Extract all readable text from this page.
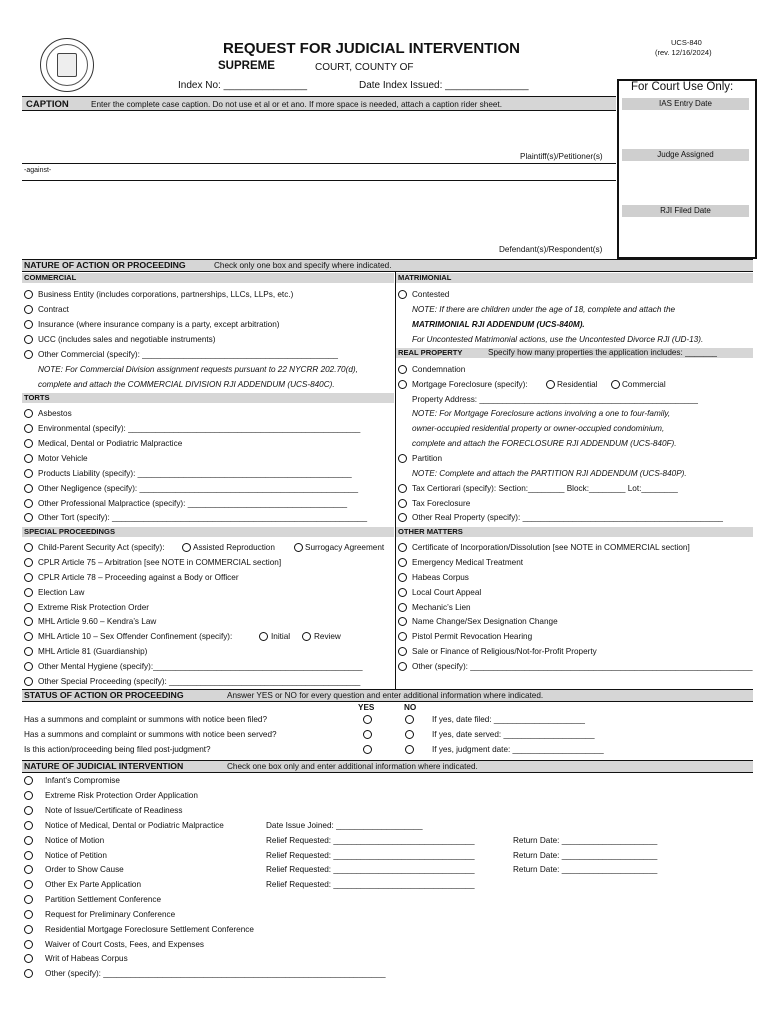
REQUEST FOR JUDICIAL INTERVENTION
SUPREME	COURT, COUNTY OF
UCS-840
(rev. 12/16/2024)
Index No: _______________	Date Index Issued: _______________	For Court Use Only:
IAS Entry Date
Judge Assigned
RJI Filed Date
CAPTION	Enter the complete case caption. Do not use et al or et ano. If more space is needed, attach a caption rider sheet.
Plaintiff(s)/Petitioner(s)
-against-
Defendant(s)/Respondent(s)
NATURE OF ACTION OR PROCEEDING	Check only one box and specify where indicated.
COMMERCIAL	MATRIMONIAL
Business Entity (includes corporations, partnerships, LLCs, LLPs, etc.)
Contract
Insurance (where insurance company is a party, except arbitration)
UCC (includes sales and negotiable instruments)
Other Commercial (specify): ___________________________________________
NOTE: For Commercial Division assignment requests pursuant to 22 NYCRR 202.70(d),
complete and attach the COMMERCIAL DIVISION RJI ADDENDUM (UCS-840C).
TORTS
Asbestos
Environmental (specify): ___________________________________________________
Medical, Dental or Podiatric Malpractice
Motor Vehicle
Products Liability (specify): _______________________________________________
Other Negligence (specify): ________________________________________________
Other Professional Malpractice (specify): ___________________________________
Other Tort (specify): ________________________________________________________
SPECIAL PROCEEDINGS
Child-Parent Security Act (specify):	Assisted Reproduction	Surrogacy Agreement
CPLR Article 75 – Arbitration [see NOTE in COMMERCIAL section]
CPLR Article 78 – Proceeding against a Body or Officer
Election Law
Extreme Risk Protection Order
MHL Article 9.60 – Kendra’s Law
MHL Article 10 – Sex Offender Confinement (specify):	Initial	Review
MHL Article 81 (Guardianship)
Other Mental Hygiene (specify):______________________________________________
Other Special Proceeding (specify): __________________________________________
Contested
NOTE: If there are children under the age of 18, complete and attach the
MATRIMONIAL RJI ADDENDUM (UCS-840M).
For Uncontested Matrimonial actions, use the Uncontested Divorce RJI (UD-13).
REAL PROPERTY	Specify how many properties the application includes: _______
Condemnation
Mortgage Foreclosure (specify):	Residential	Commercial
Property Address: ________________________________________________
NOTE: For Mortgage Foreclosure actions involving a one to four-family,
owner-occupied residential property or owner-occupied condominium,
complete and attach the FORECLOSURE RJI ADDENDUM (UCS-840F).
Partition
NOTE: Complete and attach the PARTITION RJI ADDENDUM (UCS-840P).
Tax Certiorari (specify): Section:________ Block:________ Lot:________
Tax Foreclosure
Other Real Property (specify): ____________________________________________
OTHER MATTERS
Certificate of Incorporation/Dissolution [see NOTE in COMMERCIAL section]
Emergency Medical Treatment
Habeas Corpus
Local Court Appeal
Mechanic’s Lien
Name Change/Sex Designation Change
Pistol Permit Revocation Hearing
Sale or Finance of Religious/Not-for-Profit Property
Other (specify): ______________________________________________________________
STATUS OF ACTION OR PROCEEDING	Answer YES or NO for every question and enter additional information where indicated.
YES	NO
Has a summons and complaint or summons with notice been filed?	If yes, date filed: ____________________
Has a summons and complaint or summons with notice been served?	If yes, date served: ____________________
Is this action/proceeding being filed post-judgment?	If yes, judgment date: ____________________
NATURE OF JUDICIAL INTERVENTION	Check one box only and enter additional information where indicated.
Infant’s Compromise
Extreme Risk Protection Order Application
Note of Issue/Certificate of Readiness
Notice of Medical, Dental or Podiatric Malpractice	Date Issue Joined: ___________________
Notice of Motion	Relief Requested: _______________________________	Return Date: _____________________
Notice of Petition	Relief Requested: _______________________________	Return Date: _____________________
Order to Show Cause	Relief Requested: _______________________________	Return Date: _____________________
Other Ex Parte Application	Relief Requested: _______________________________
Partition Settlement Conference
Request for Preliminary Conference
Residential Mortgage Foreclosure Settlement Conference
Waiver of Court Costs, Fees, and Expenses
Writ of Habeas Corpus
Other (specify): ______________________________________________________________
